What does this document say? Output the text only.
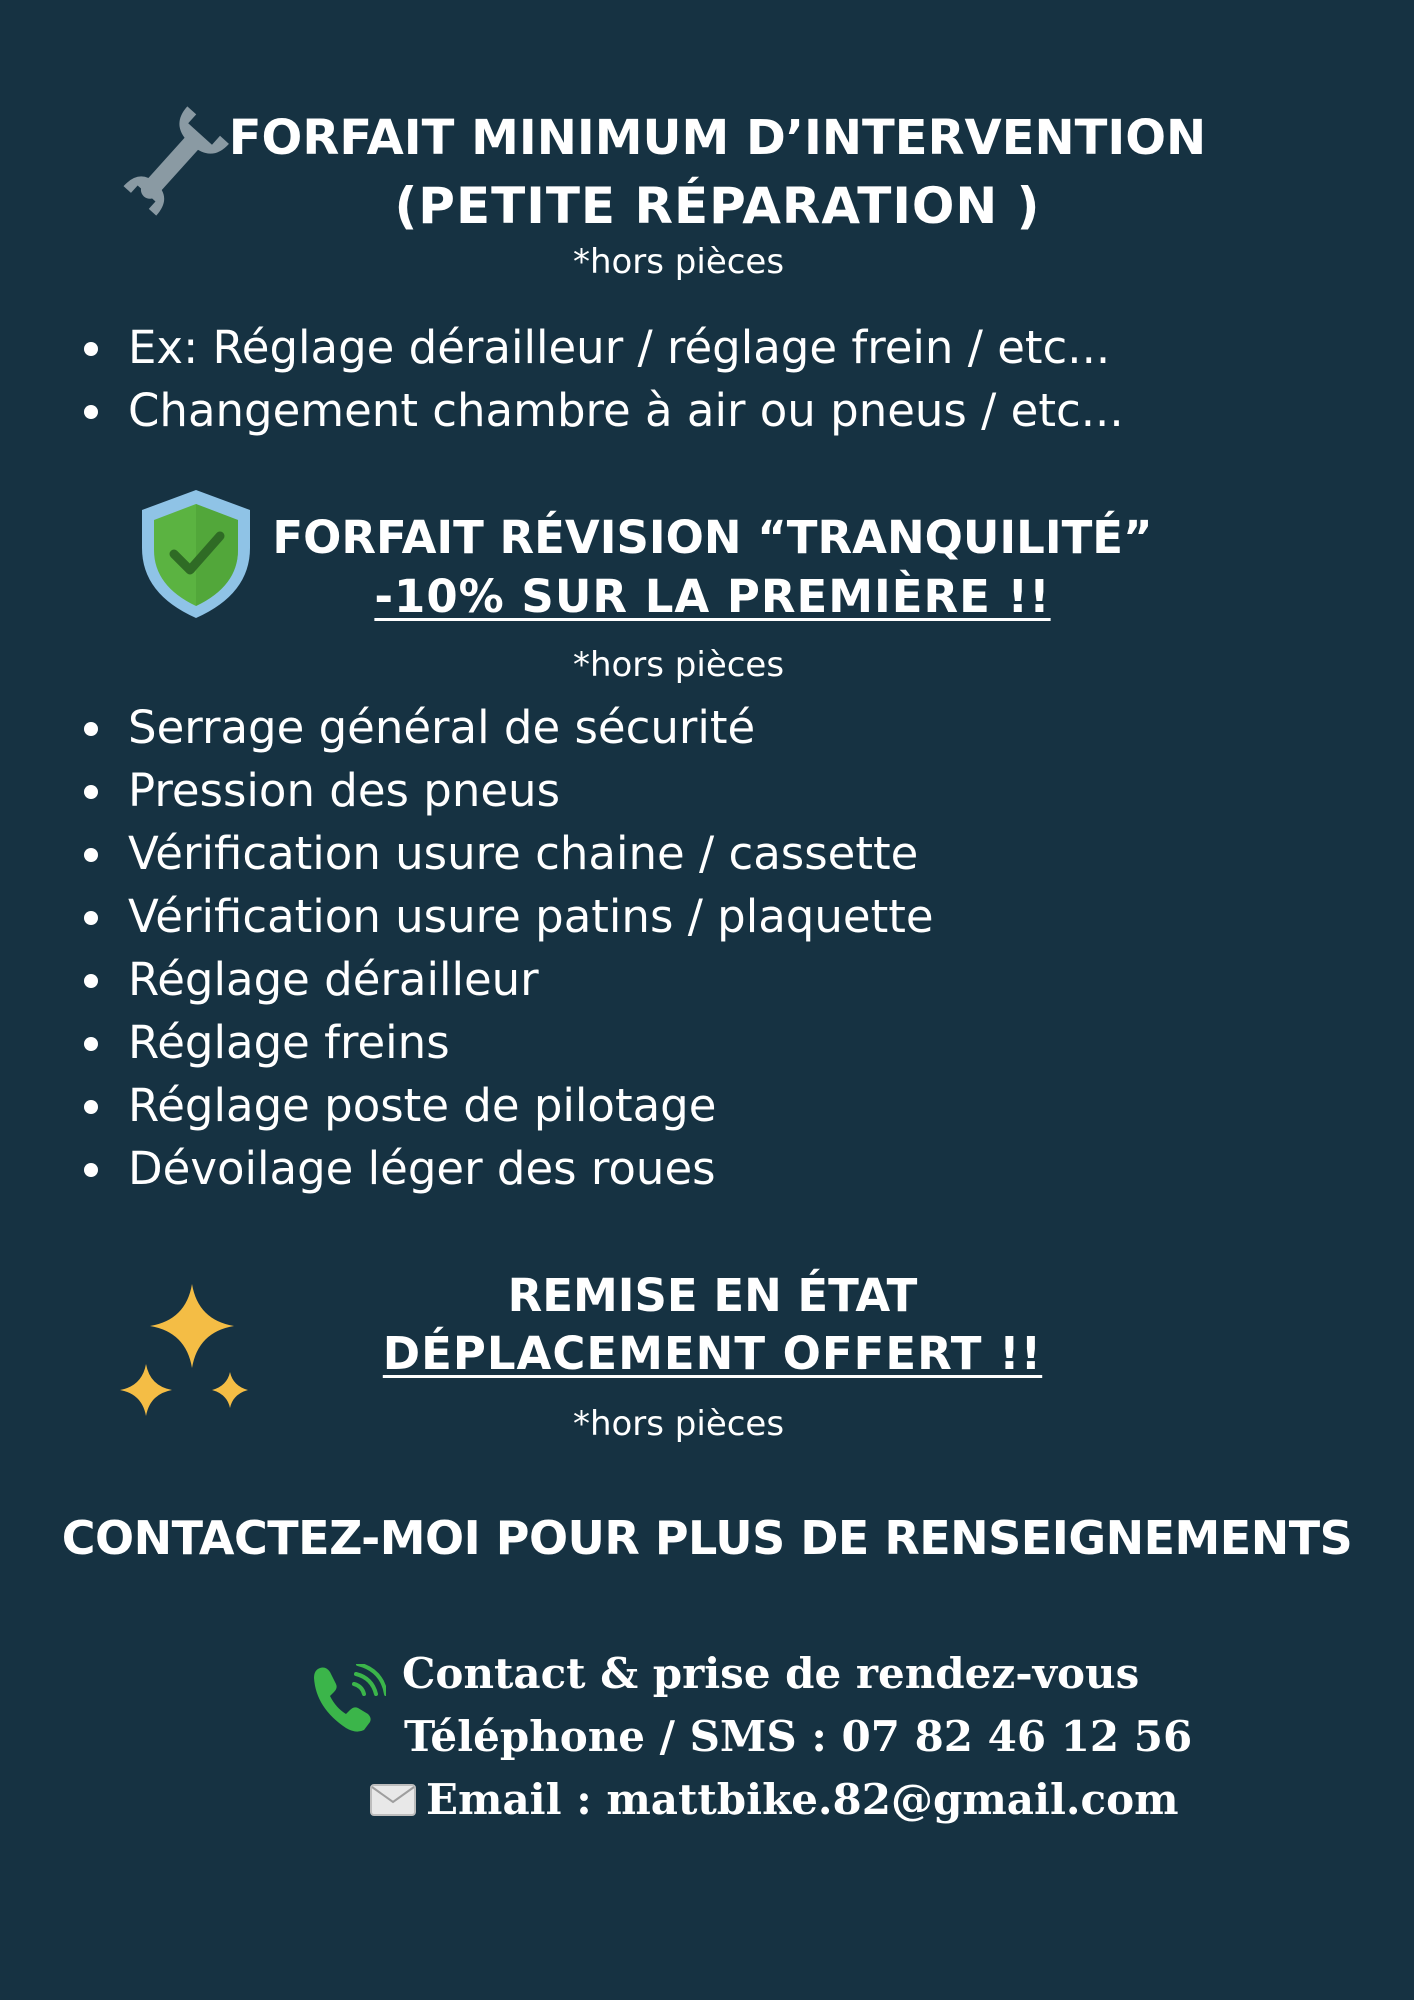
FORFAIT MINIMUM D’INTERVENTION
(PETITE RÉPARATION )
*hors pièces
Ex: Réglage dérailleur / réglage frein / etc...
Changement chambre à air ou pneus / etc...
FORFAIT RÉVISION “TRANQUILITÉ”
-10% SUR LA PREMIÈRE !!
*hors pièces
Serrage général de sécurité
Pression des pneus
Vérification usure chaine / cassette
Vérification usure patins / plaquette
Réglage dérailleur
Réglage freins
Réglage poste de pilotage
Dévoilage léger des roues
REMISE EN ÉTAT
DÉPLACEMENT OFFERT !!
*hors pièces
CONTACTEZ-MOI POUR PLUS DE RENSEIGNEMENTS
Contact & prise de rendez-vous
Téléphone / SMS : 07 82 46 12 56
Email : mattbike.82@gmail.com
